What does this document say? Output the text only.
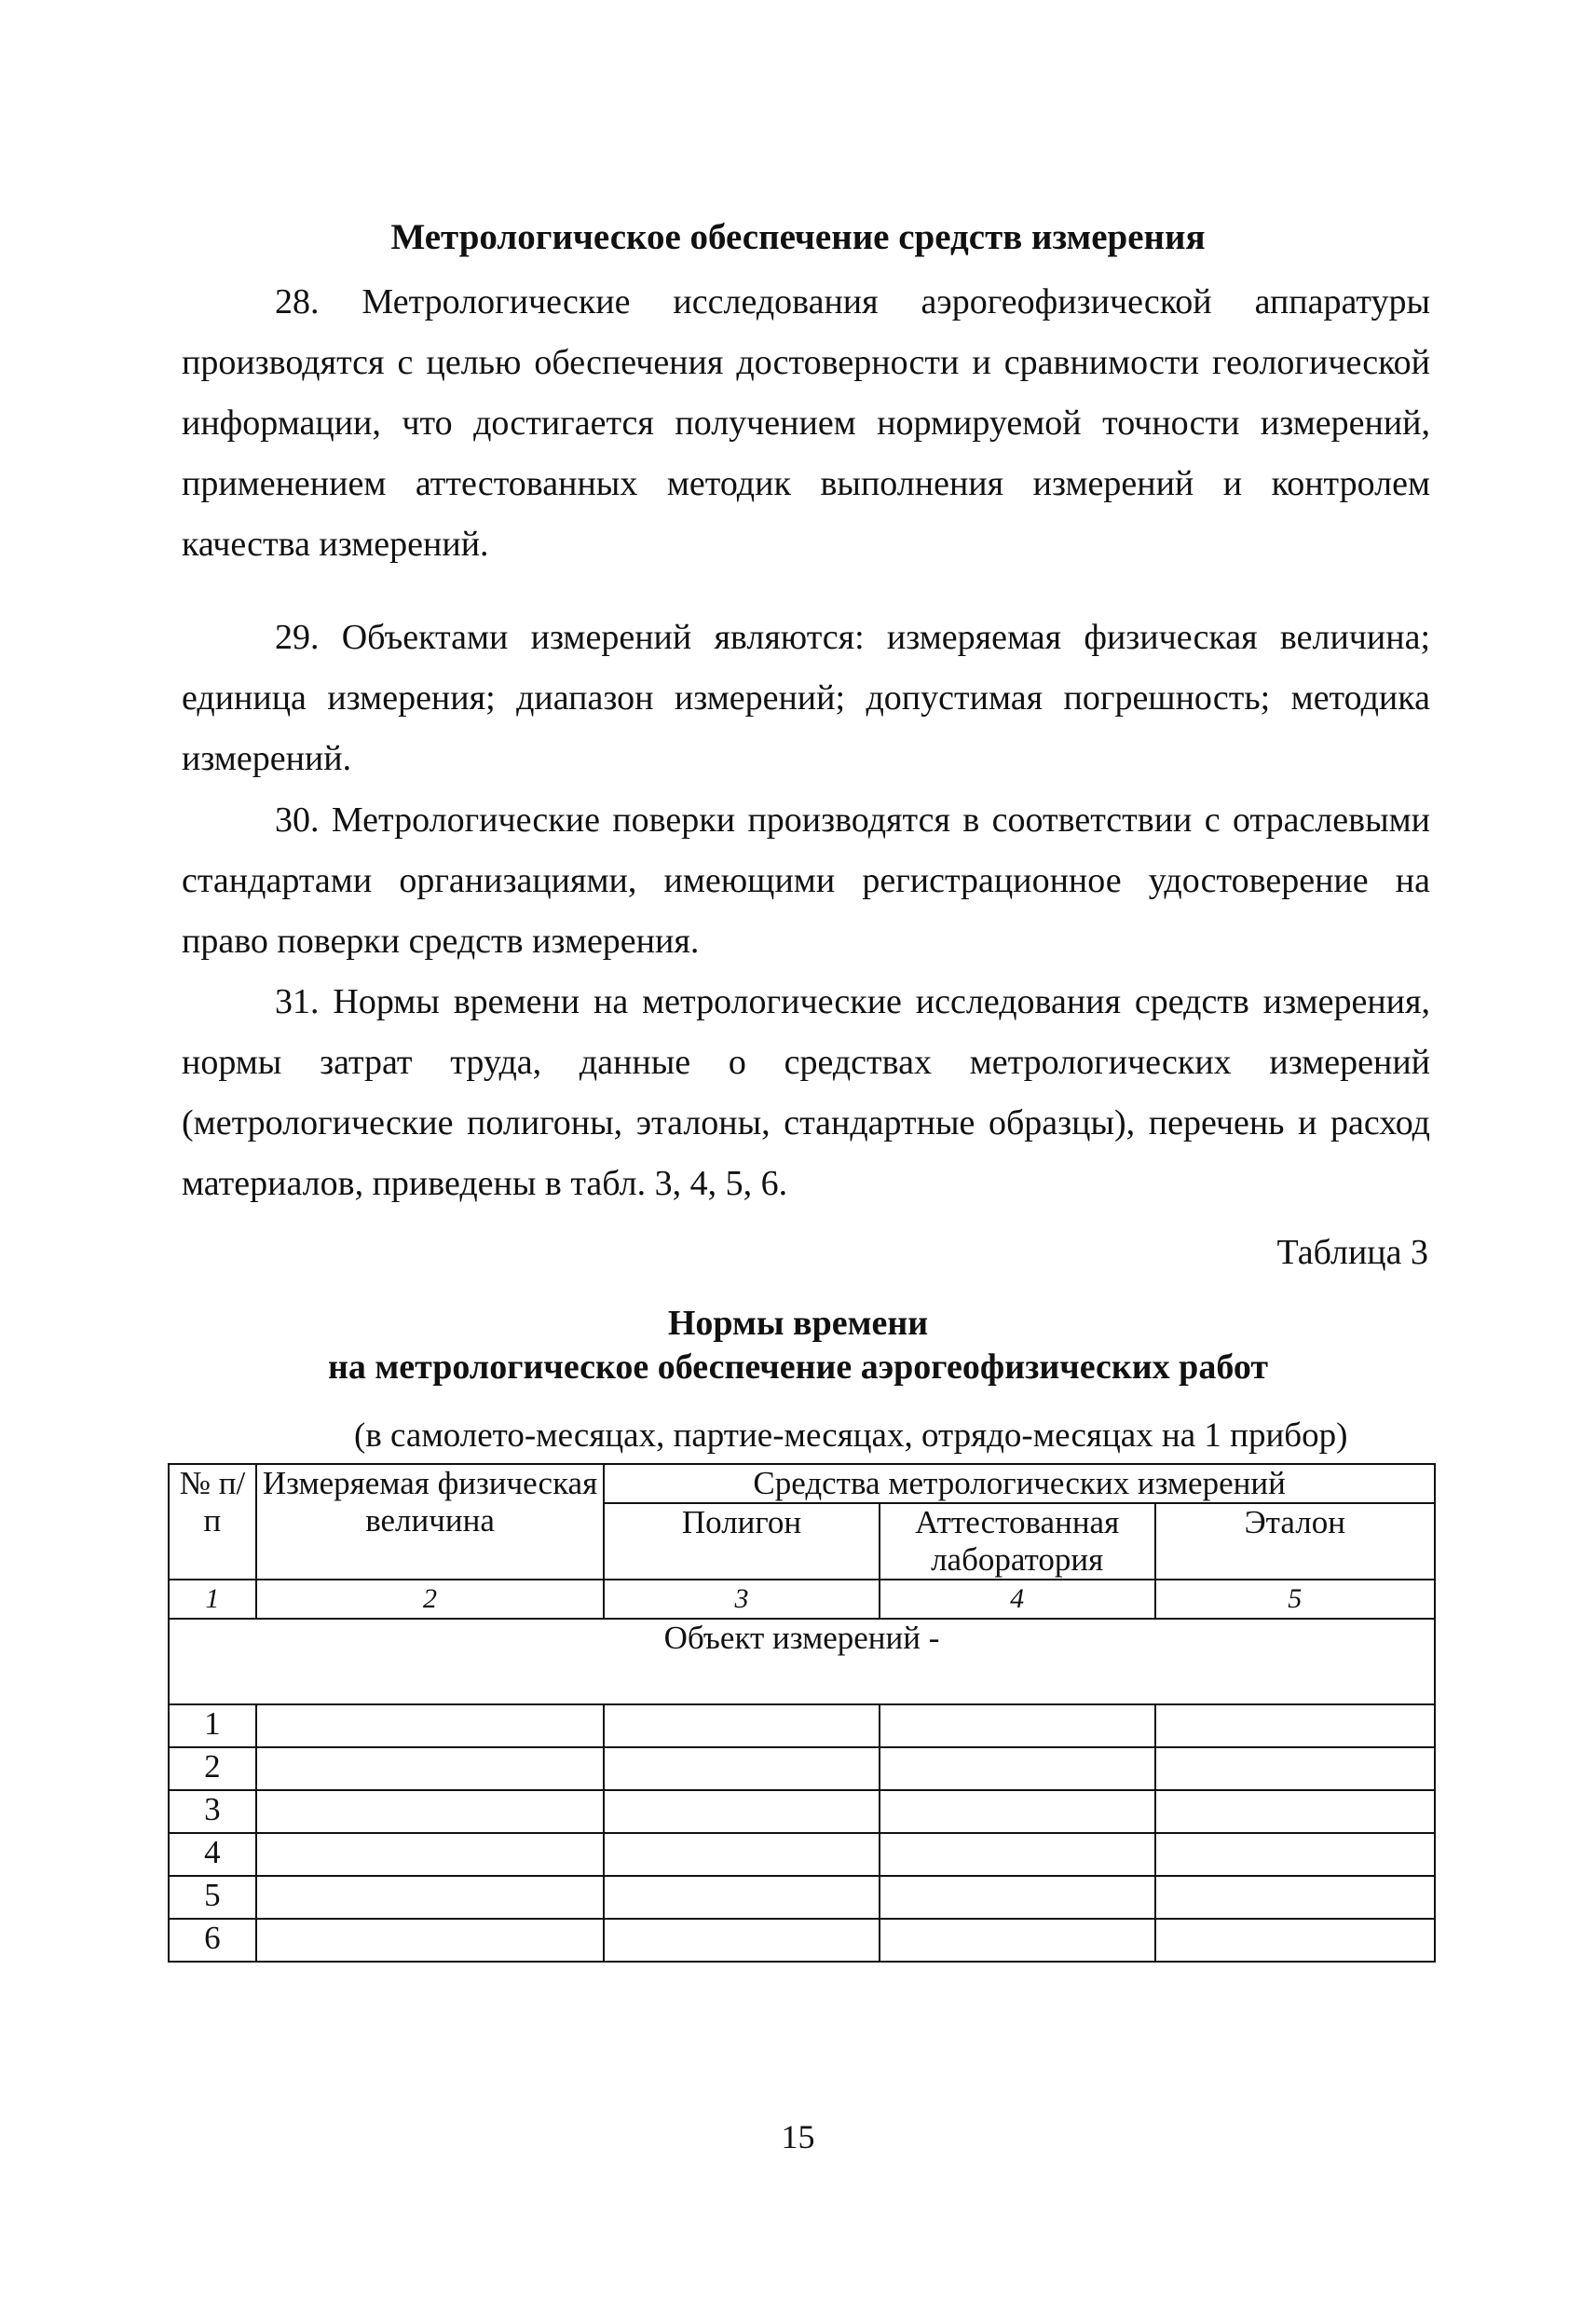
Метрологическое обеспечение средств измерения

28. Метрологические исследования аэрогеофизической аппаратуры производятся с целью обеспечения достоверности и сравнимости геологической информации, что достигается получением нормируемой точности измерений, применением аттестованных методик выполнения измерений и контролем качества измерений.

29. Объектами измерений являются: измеряемая физическая величина; единица измерения; диапазон измерений; допустимая погрешность; методика измерений.

30. Метрологические поверки производятся в соответствии с отраслевыми стандартами организациями, имеющими регистрационное удостоверение на право поверки средств измерения.

31. Нормы времени на метрологические исследования средств измерения, нормы затрат труда, данные о средствах метрологических измерений (метрологические полигоны, эталоны, стандартные образцы), перечень и расход материалов, приведены в табл. 3, 4, 5, 6.

Таблица 3

Нормы времени

на метрологическое обеспечение аэрогеофизических работ

(в самолето-месяцах, партие-месяцах, отрядо-месяцах на 1 прибор)

№ п/п	Измеряемая физическая величина	Средства метрологических измерений		
		Полигон	Аттестованная лаборатория	Эталон
1	2	3	4	5
Объект измерений -				
1				
2				
3				
4				
5				
6				

15
